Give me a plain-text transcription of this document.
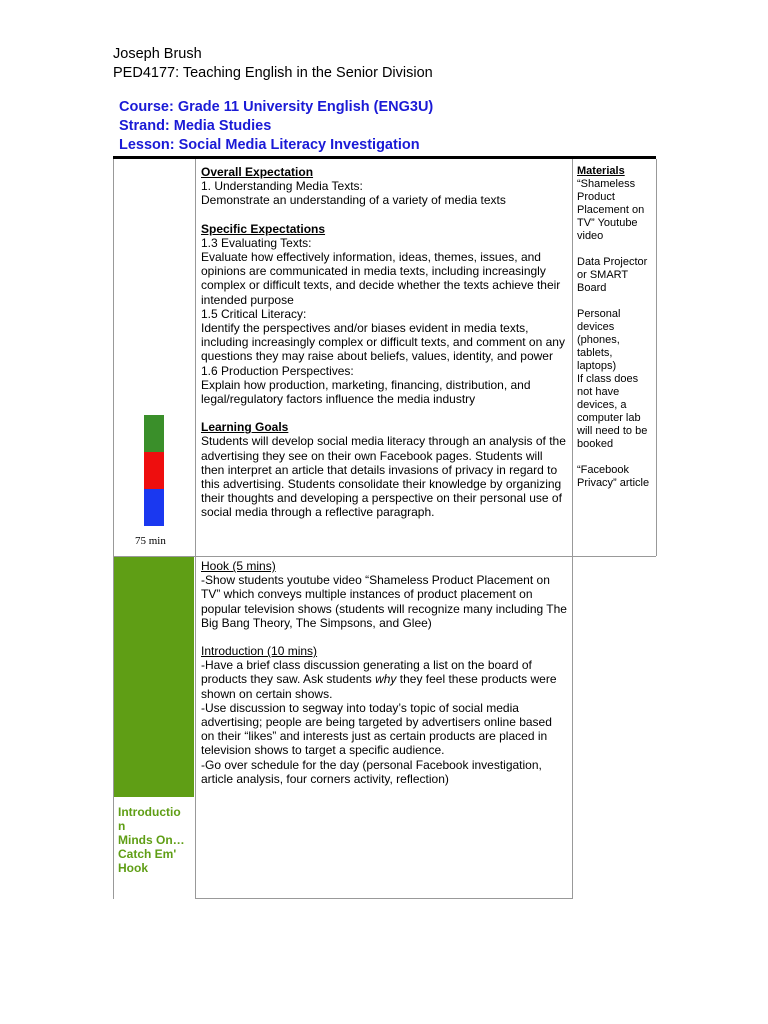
Joseph Brush
PED4177: Teaching English in the Senior Division
Course: Grade 11 University English (ENG3U)
Strand: Media Studies
Lesson: Social Media Literacy Investigation
75 min
Overall Expectation
1. Understanding Media Texts:
Demonstrate an understanding of a variety of media texts
Specific Expectations
1.3 Evaluating Texts:
Evaluate how effectively information, ideas, themes, issues, and opinions are communicated in media texts, including increasingly complex or difficult texts, and decide whether the texts achieve their intended purpose
1.5 Critical Literacy:
Identify the perspectives and/or biases evident in media texts, including increasingly complex or difficult texts, and comment on any questions they may raise about beliefs, values, identity, and power
1.6 Production Perspectives:
Explain how production, marketing, financing, distribution, and legal/regulatory factors influence the media industry
Learning Goals
Students will develop social media literacy through an analysis of the advertising they see on their own Facebook pages. Students will then interpret an article that details invasions of privacy in regard to this advertising. Students consolidate their knowledge by organizing their thoughts and developing a perspective on their personal use of social media through a reflective paragraph.
Materials
“Shameless Product Placement on TV” Youtube video
Data Projector or SMART Board
Personal devices (phones, tablets, laptops)
If class does not have devices, a computer lab will need to be booked
“Facebook Privacy” article
Introductio
n
Minds On…
Catch Em'
Hook
Hook (5 mins)
-Show students youtube video “Shameless Product Placement on TV” which conveys multiple instances of product placement on popular television shows (students will recognize many including The Big Bang Theory, The Simpsons, and Glee)
Introduction (10 mins)
-Have a brief class discussion generating a list on the board of products they saw. Ask students why they feel these products were shown on certain shows.
-Use discussion to segway into today’s topic of social media advertising; people are being targeted by advertisers online based on their “likes” and interests just as certain products are placed in television shows to target a specific audience.
-Go over schedule for the day (personal Facebook investigation, article analysis, four corners activity, reflection)
